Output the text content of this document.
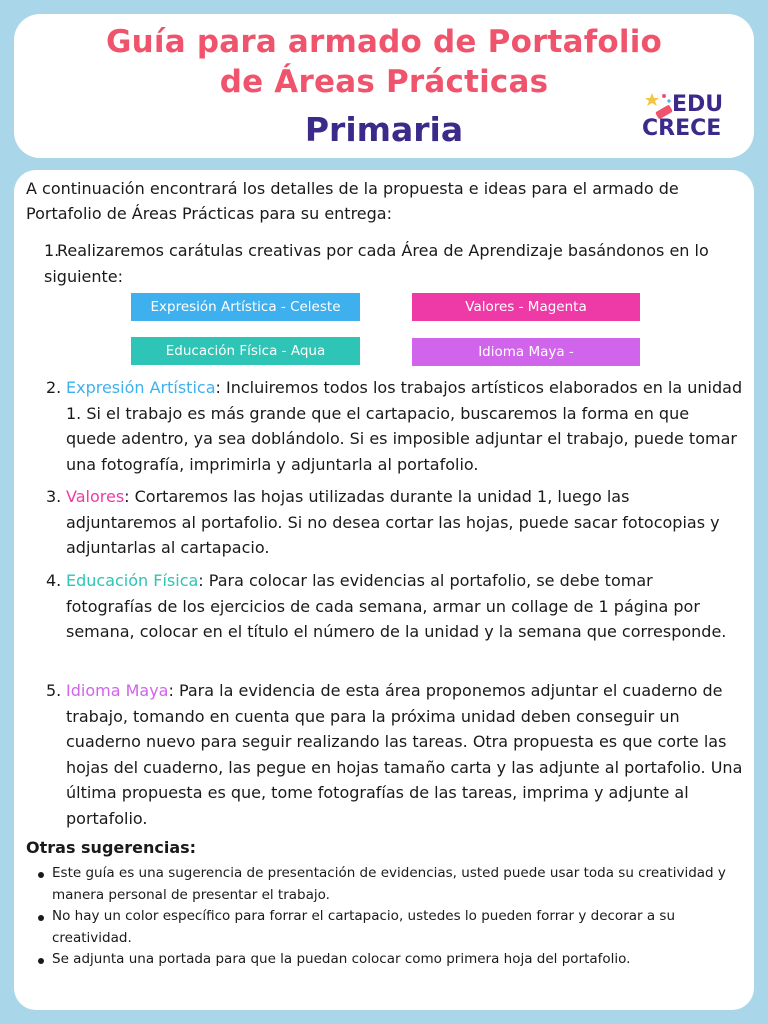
Guía para armado de Portafolio
de Áreas Prácticas
Primaria
EDU
CRECE
A continuación encontrará los detalles de la propuesta e ideas para el armado de Portafolio de Áreas Prácticas para su entrega:
1.
Realizaremos carátulas creativas por cada Área de Aprendizaje basándonos en lo siguiente:
Expresión Artística - Celeste	Valores - Magenta
Educación Física - Aqua	Idioma Maya -
2. Expresión Artística: Incluiremos todos los trabajos artísticos elaborados en la unidad 1. Si el trabajo es más grande que el cartapacio, buscaremos la forma en que quede adentro, ya sea doblándolo. Si es imposible adjuntar el trabajo, puede tomar una fotografía, imprimirla y adjuntarla al portafolio.
3. Valores: Cortaremos las hojas utilizadas durante la unidad 1, luego las adjuntaremos al portafolio. Si no desea cortar las hojas, puede sacar fotocopias y adjuntarlas al cartapacio.
4. Educación Física: Para colocar las evidencias al portafolio, se debe tomar fotografías de los ejercicios de cada semana, armar un collage de 1 página por semana, colocar en el título el número de la unidad y la semana que corresponde.
5. Idioma Maya: Para la evidencia de esta área proponemos adjuntar el cuaderno de trabajo, tomando en cuenta que para la próxima unidad deben conseguir un cuaderno nuevo para seguir realizando las tareas. Otra propuesta es que corte las hojas del cuaderno, las pegue en hojas tamaño carta y las adjunte al portafolio. Una última propuesta es que, tome fotografías de las tareas, imprima y adjunte al portafolio.
Otras sugerencias:
Este guía es una sugerencia de presentación de evidencias, usted puede usar toda su creatividad y manera personal de presentar el trabajo.
No hay un color específico para forrar el cartapacio, ustedes lo pueden forrar y decorar a su creatividad.
Se adjunta una portada para que la puedan colocar como primera hoja del portafolio.
